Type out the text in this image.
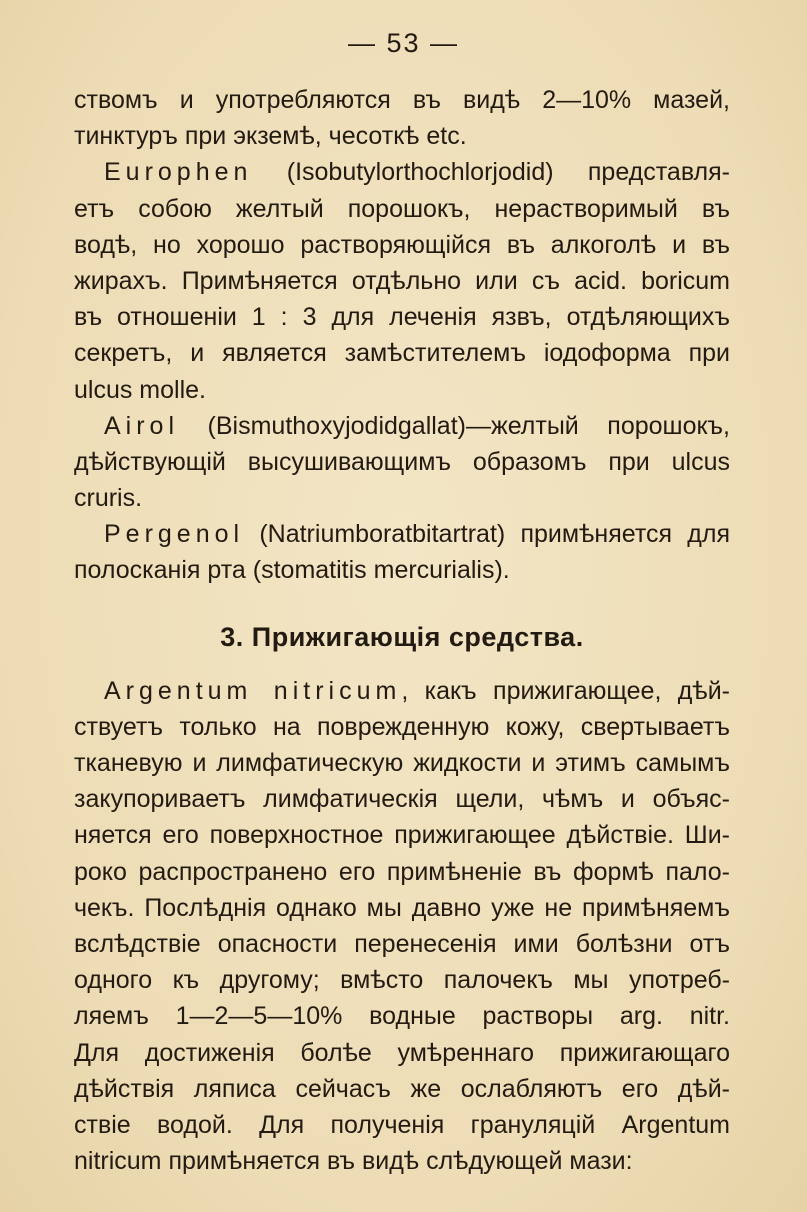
— 53 —
ствомъ и употребляются въ видѣ 2—10% мазей,
тинктуръ при экземѣ, чесоткѣ etc.
Europhen (Isobutylorthochlorjodid) представля-
етъ собою желтый порошокъ, нерастворимый въ
водѣ, но хорошо растворяющійся въ алкоголѣ и въ
жирахъ. Примѣняется отдѣльно или съ acid. boricum
въ отношеніи 1 : 3 для леченія язвъ, отдѣляющихъ
секретъ, и является замѣстителемъ іодоформа при
ulcus molle.
Airol (Bismuthoxyjodidgallat)—желтый порошокъ,
дѣйствующій высушивающимъ образомъ при ulcus
cruris.
Pergenol (Natriumboratbitartrat) примѣняется для
полосканія рта (stomatitis mercurialis).
3. Прижигающія средства.
Argentum nitricum, какъ прижигающее, дѣй-
ствуетъ только на поврежденную кожу, свертываетъ
тканевую и лимфатическую жидкости и этимъ самымъ
закупориваетъ лимфатическія щели, чѣмъ и объяс-
няется его поверхностное прижигающее дѣйствіе. Ши-
роко распространено его примѣненіе въ формѣ пало-
чекъ. Послѣднія однако мы давно уже не примѣняемъ
вслѣдствіе опасности перенесенія ими болѣзни отъ
одного къ другому; вмѣсто палочекъ мы употреб-
ляемъ 1—2—5—10% водные растворы arg. nitr.
Для достиженія болѣе умѣреннаго прижигающаго
дѣйствія ляписа сейчасъ же ослабляютъ его дѣй-
ствіе водой. Для полученія грануляцій Argentum
nitricum примѣняется въ видѣ слѣдующей мази:
